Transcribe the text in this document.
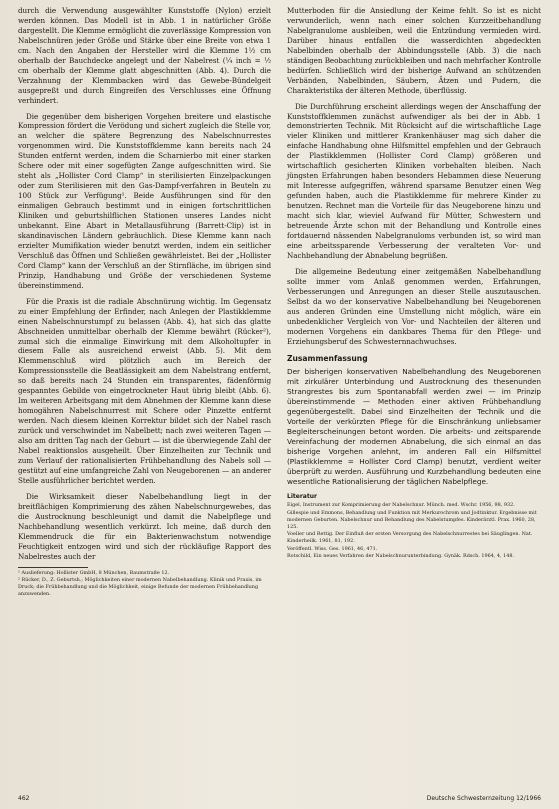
durch die Verwendung ausgewählter Kunststoffe (Nylon) erzielt werden können. Das Modell ist in Abb. 1 in natürlicher Größe dargestellt. Die Klemme ermöglicht die zuverlässige Kompression von Nabelschnüren jeder Größe und Stärke über eine Breite von etwa 1 cm. Nach den Angaben der Hersteller wird die Klemme 1½ cm oberhalb der Bauchdecke angelegt und der Nabelrest (¼ inch = ½ cm oberhalb der Klemme glatt abgeschnitten (Abb. 4). Durch die Verzahnung der Klemmbacken wird das Gewebe-Bündelgeit ausgepreßt und durch Eingreifen des Verschlusses eine Öffnung verhindert.

Die gegenüber dem bisherigen Vorgehen breitere und elastische Kompression fördert die Verödung und sichert zugleich die Stelle vor, an welcher die spätere Begrenzung des Nabelschnurrestes vorgenommen wird. Die Kunststoffklemme kann bereits nach 24 Stunden entfernt werden, indem die Scharnierbo mit einer starken Schere oder mit einer sogefügten Zange aufgeschnitten wird. Sie steht als „Hollister Cord Clamp“ in sterilisierten Einzelpackungen oder zum Sterilisieren mit den Gas-Dampf-verfahren in Beuteln zu 100 Stück zur Verfügung¹. Beide Ausführungen sind für den einmaligen Gebrauch bestimmt und in einigen fortschrittlichen Kliniken und geburtshilflichen Stationen unseres Landes nicht unbekannt. Eine Abart in Metallausführung (Barrett-Clip) ist in skandinavischen Ländern gebräuchlich. Diese Klemme kann nach erzielter Mumifikation wieder benutzt werden, indem ein seitlicher Verschluß das Öffnen und Schließen gewährleistet. Bei der „Hollister Cord Clamp“ kann der Verschluß an der Stirnfläche, im übrigen sind Prinzip, Handhabung und Größe der verschiedenen Systeme übereinstimmend.

Für die Praxis ist die radiale Abschnürung wichtig. Im Gegensatz zu einer Empfehlung der Erfinder, nach Anlegen der Plastikklemme einen Nabelschnurstumpf zu belassen (Abb. 4), hat sich das glatte Abschneiden unmittelbar oberhalb der Klemme bewährt (Rücker²), zumal sich die einmalige Einwirkung mit dem Alkoholtupfer in diesem Falle als ausreichend erweist (Abb. 5). Mit dem Klemmenschluß wird plötzlich auch im Bereich der Kompressionsstelle die Beatlässigkeit am dem Nabelstrang entfernt, so daß bereits nach 24 Stunden ein transparentes, fädenförmig gespanntes Gebilde von eingetrockneter Haut übrig bleibt (Abb. 6). Im weiteren Arbeitsgang mit dem Abnehmen der Klemme kann diese homogähren Nabelschnurrest mit Schere oder Pinzette entfernt werden. Nach diesem kleinen Korrektur bildet sich der Nabel rasch zurück und verschwindet im Nabelbett; nach zwei weiteren Tagen — also am dritten Tag nach der Geburt — ist die überwiegende Zahl der Nabel reaktionslos ausgeheilt. Über Einzelheiten zur Technik und zum Verlauf der rationalisierten Frühbehandlung des Nabels soll — gestützt auf eine umfangreiche Zahl von Neugeborenen — an anderer Stelle ausführlicher berichtet werden.

Die Wirksamkeit dieser Nabelbehandlung liegt in der breitflächigen Komprimierung des zähen Nabelschnurgewebes, das die Austrocknung beschleunigt und damit die Nabelpflege und Nachbehandlung wesentlich verkürzt. Ich meine, daß durch den Klemmendruck die für ein Bakterienwachstum notwendige Feuchtigkeit entzogen wird und sich der rückläufige Rapport des Nabelrestes auch der

¹ Auslieferung: Hollister GmbH, 8 München, Baumstraße 12.

² Rücker, D., Z. Geburtsh.; Möglichkeiten einer modernen Nabelbehandlung. Klinik und Praxis, im Druck; die Frühbehandlung und die Möglichkeit, einige Befunde der modernen Frühbehandlung anzuwenden.

Mutterboden für die Ansiedlung der Keime fehlt. So ist es nicht verwunderlich, wenn nach einer solchen Kurzzeitbehandlung Nabelgranulome ausbleiben, weil die Entzündung vermieden wird. Darüber hinaus entfallen die wasserdichten abgedeckten Nabelbinden oberhalb der Abbindungsstelle (Abb. 3) die nach ständigen Beobachtung zurückbleiben und nach mehrfacher Kontrolle bedürfen. Schließlich wird der bisherige Aufwand an schützenden Verbänden, Nabelbinden, Säubern, Ätzen und Pudern, die Charakteristika der älteren Methode, überflüssig.

Die Durchführung erscheint allerdings wegen der Anschaffung der Kunststoffklemmen zunächst aufwendiger als bei der in Abb. 1 demonstrierten Technik. Mit Rücksicht auf die wirtschaftliche Lage vieler Kliniken und mittlerer Krankenhäuser mag sich daher die einfache Handhabung ohne Hilfsmittel empfehlen und der Gebrauch der Plastikklemmen (Hollister Cord Clamp) größeren und wirtschaftlich gesicherten Kliniken vorbehalten bleiben. Nach jüngsten Erfahrungen haben besonders Hebammen diese Neuerung mit Interesse aufgegriffen, während sparsame Benutzer einen Weg gefunden haben, auch die Plastikklemme für mehrere Kinder zu benutzen. Rechnet man die Vorteile für das Neugeborene hinzu und macht sich klar, wieviel Aufwand für Mütter, Schwestern und betreuende Ärzte schon mit der Behandlung und Kontrolle eines fortdauernd nässenden Nabelgranuloms verbunden ist, so wird man eine arbeitssparende Verbesserung der veralteten Vor- und Nachbehandlung der Abnabelung begrüßen.

Die allgemeine Bedeutung einer zeitgemäßen Nabelbehandlung sollte immer vom Anlaß genommen werden, Erfahrungen, Verbesserungen und Anregungen an dieser Stelle auszutauschen. Selbst da wo der konservative Nabelbehandlung bei Neugeborenen aus anderen Gründen eine Umstellung nicht möglich, wäre ein unbedenklicher Vergleich von Vor- und Nachteilen der älteren und modernen Vorgehens ein dankbares Thema für den Pflege- und Erziehungsberuf des Schwesternnachwuchses.

Zusammenfassung

Der bisherigen konservativen Nabelbehandlung des Neugeborenen mit zirkulärer Unterbindung und Austrocknung des thesenunden Strangrestes bis zum Spontanabfall werden zwei — im Prinzip übereinstimmende — Methoden einer aktiven Frühbehandlung gegenübergestellt. Dabei sind Einzelheiten der Technik und die Vorteile der verkürzten Pflege für die Einschränkung unliebsamer Begleiterscheinungen betont worden. Die arbeits- und zeitsparende Vereinfachung der modernen Abnabelung, die sich einmal an das bisherige Vorgehen anlehnt, im anderen Fall ein Hilfsmittel (Plastikklemme = Hollister Cord Clamp) benutzt, verdient weiter überprüft zu werden. Ausführung und Kurzbehandlung bedeuten eine wesentliche Rationalisierung der täglichen Nabelpflege.

Literatur

Eigel, Instrument zur Komprimierung der Nabelschnur. Münch. med. Wschr. 1956, 98, 932.

Gillespie und Emmons, Behandlung und Funktion mit Merkurochrom und Jodtinktur. Ergebnisse mit modernen Geburten. Nabelschnur und Behandlung des Nabelstumpfes. Kinderärztl. Prax. 1960, 28, 125.

Voeller und Rettig. Der Einfluß der ersten Versorgung des Nabelschnurrestes bei Säuglingen. Nat. Kinderheilk. 1961, 81, 192.

Veröffentl. Wiss. Ges. 1961, 46, 471.

Rotschild, Ein neues Verfahren der Nabelschnurunterbindung. Gynäk. Rdsch. 1964, 4, 148.

462	Deutsche Schwesternzeitung 12/1966
